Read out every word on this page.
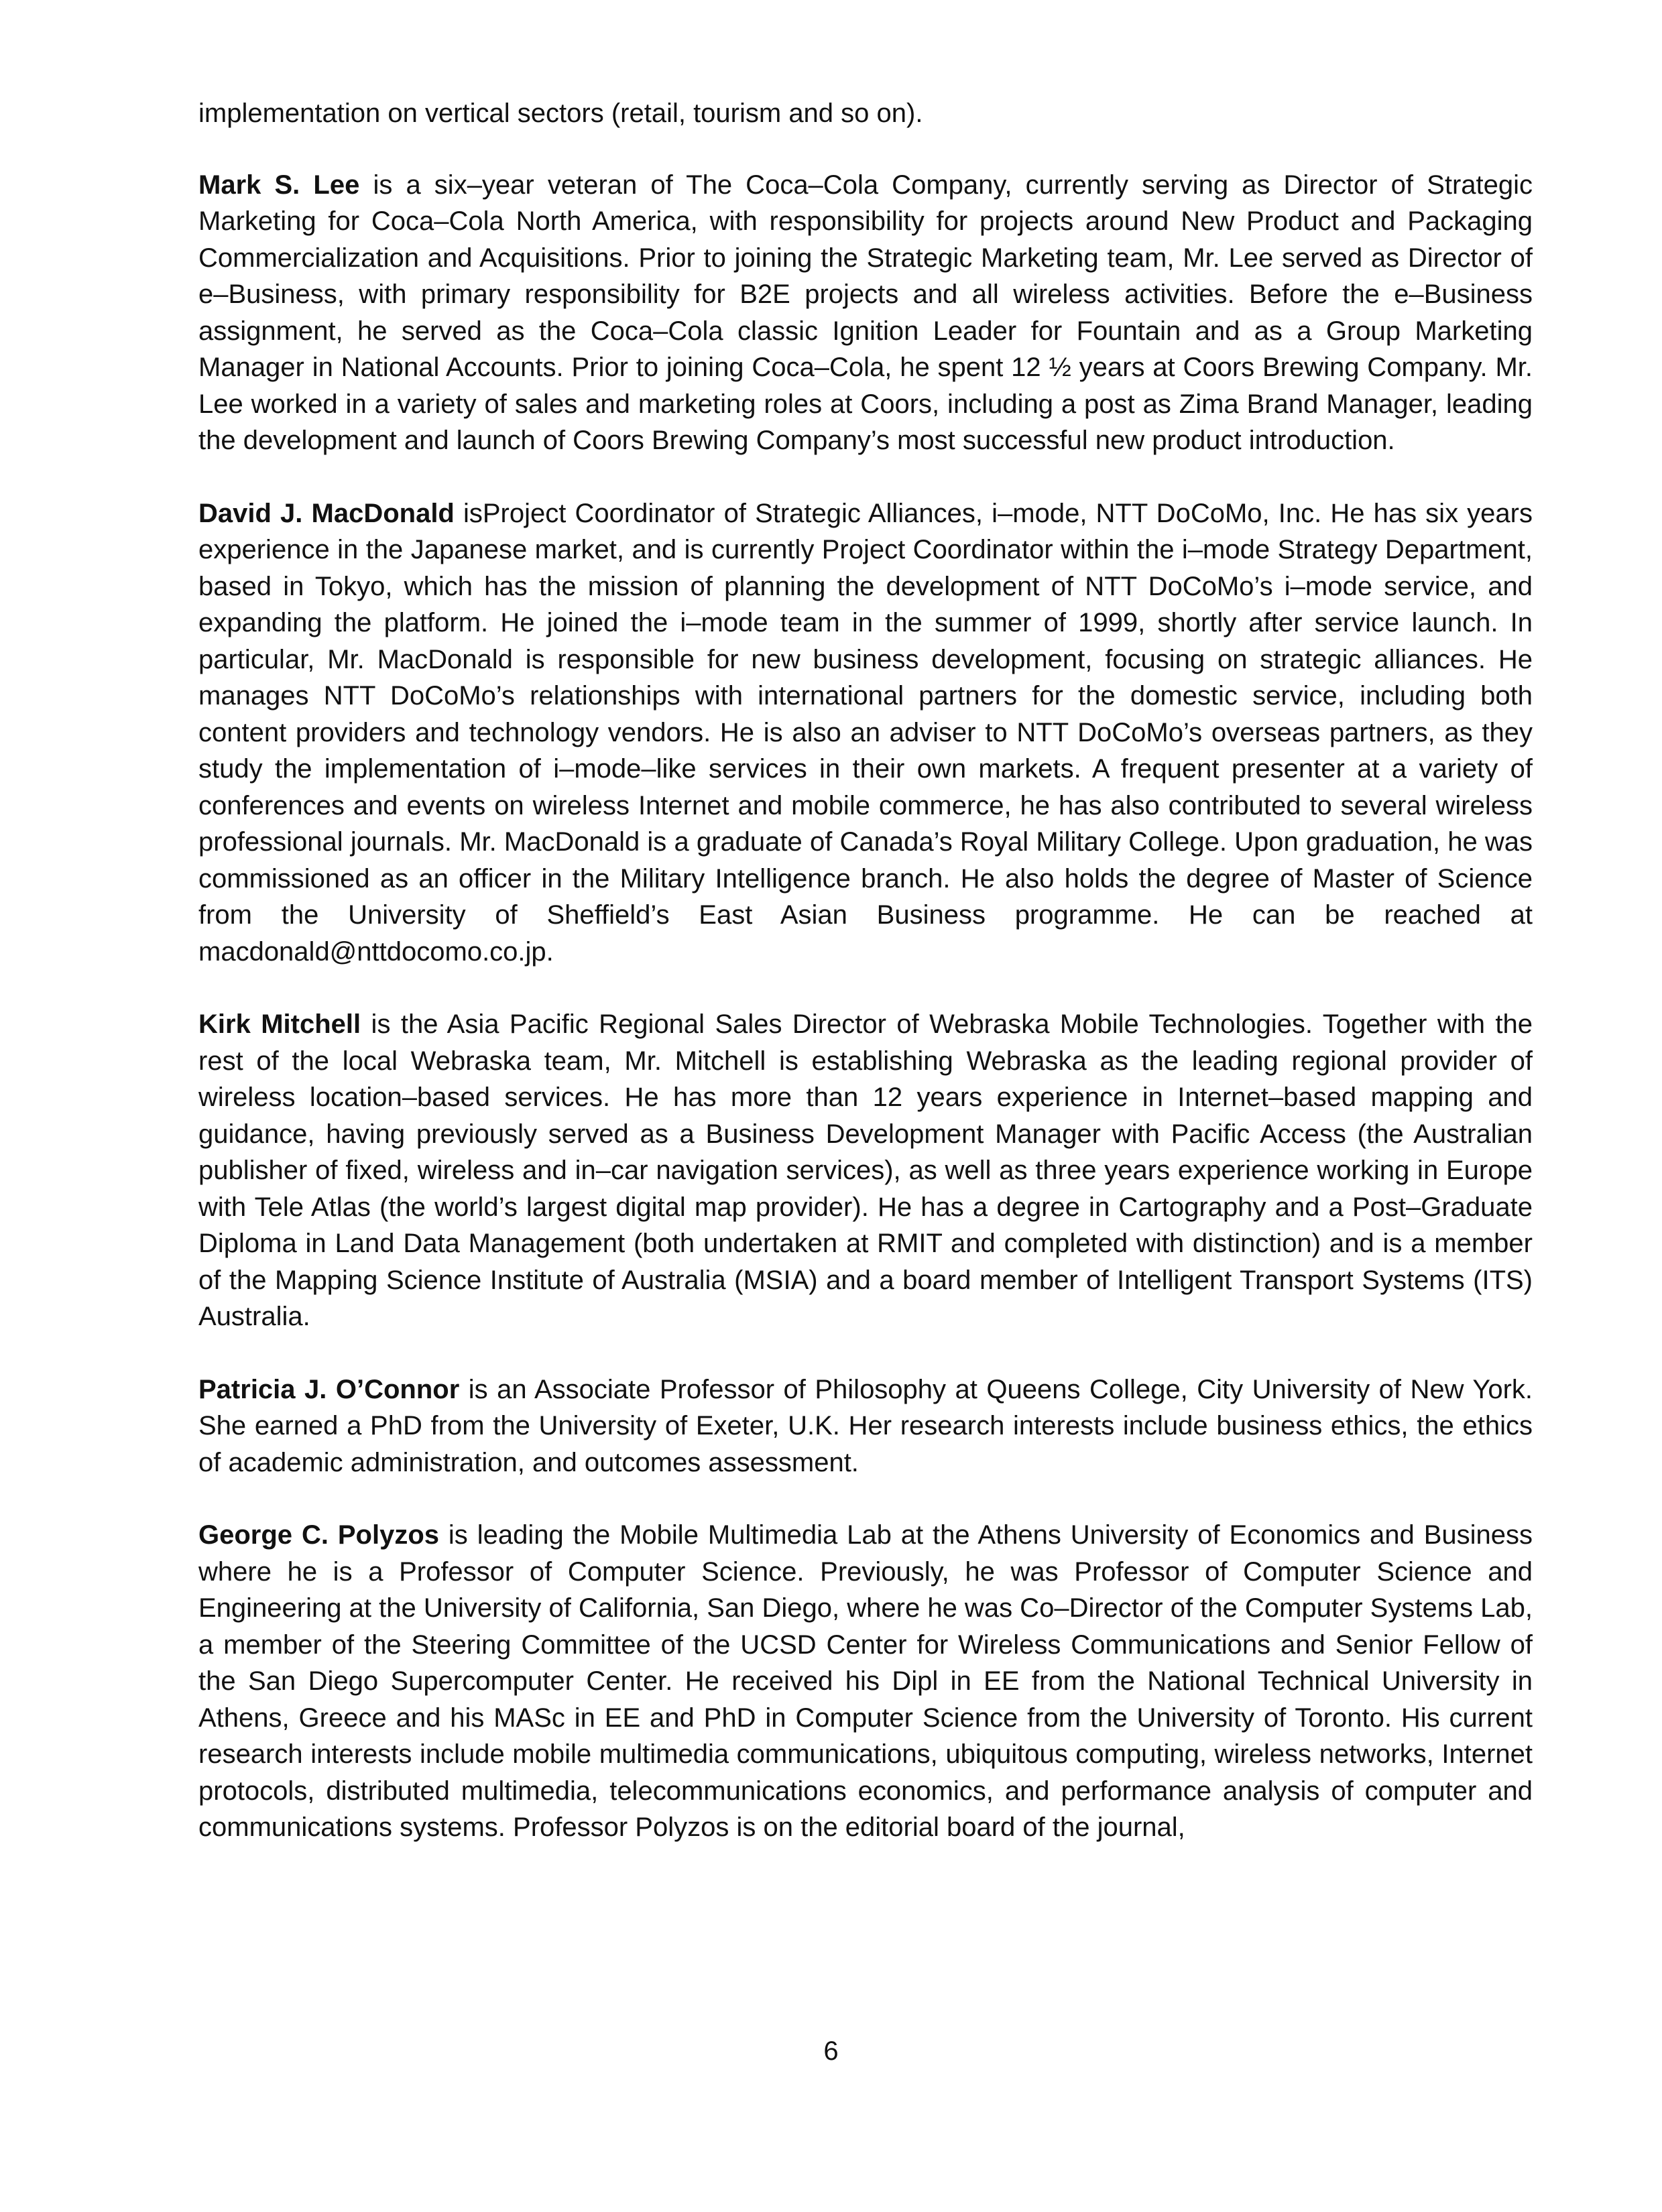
implementation on vertical sectors (retail, tourism and so on).

Mark S. Lee is a six–year veteran of The Coca–Cola Company, currently serving as Director of Strategic Marketing for Coca–Cola North America, with responsibility for projects around New Product and Packaging Commercialization and Acquisitions. Prior to joining the Strategic Marketing team, Mr. Lee served as Director of e–Business, with primary responsibility for B2E projects and all wireless activities. Before the e–Business assignment, he served as the Coca–Cola classic Ignition Leader for Fountain and as a Group Marketing Manager in National Accounts. Prior to joining Coca–Cola, he spent 12 ½ years at Coors Brewing Company. Mr. Lee worked in a variety of sales and marketing roles at Coors, including a post as Zima Brand Manager, leading the development and launch of Coors Brewing Company’s most successful new product introduction.

David J. MacDonald isProject Coordinator of Strategic Alliances, i–mode, NTT DoCoMo, Inc. He has six years experience in the Japanese market, and is currently Project Coordinator within the i–mode Strategy Department, based in Tokyo, which has the mission of planning the development of NTT DoCoMo’s i–mode service, and expanding the platform. He joined the i–mode team in the summer of 1999, shortly after service launch. In particular, Mr. MacDonald is responsible for new business development, focusing on strategic alliances. He manages NTT DoCoMo’s relationships with international partners for the domestic service, including both content providers and technology vendors. He is also an adviser to NTT DoCoMo’s overseas partners, as they study the implementation of i–mode–like services in their own markets. A frequent presenter at a variety of conferences and events on wireless Internet and mobile commerce, he has also contributed to several wireless professional journals. Mr. MacDonald is a graduate of Canada’s Royal Military College. Upon graduation, he was commissioned as an officer in the Military Intelligence branch. He also holds the degree of Master of Science from the University of Sheffield’s East Asian Business programme. He can be reached at macdonald@nttdocomo.co.jp.

Kirk Mitchell is the Asia Pacific Regional Sales Director of Webraska Mobile Technologies. Together with the rest of the local Webraska team, Mr. Mitchell is establishing Webraska as the leading regional provider of wireless location–based services. He has more than 12 years experience in Internet–based mapping and guidance, having previously served as a Business Development Manager with Pacific Access (the Australian publisher of fixed, wireless and in–car navigation services), as well as three years experience working in Europe with Tele Atlas (the world’s largest digital map provider). He has a degree in Cartography and a Post–Graduate Diploma in Land Data Management (both undertaken at RMIT and completed with distinction) and is a member of the Mapping Science Institute of Australia (MSIA) and a board member of Intelligent Transport Systems (ITS) Australia.

Patricia J. O’Connor is an Associate Professor of Philosophy at Queens College, City University of New York. She earned a PhD from the University of Exeter, U.K. Her research interests include business ethics, the ethics of academic administration, and outcomes assessment.

George C. Polyzos is leading the Mobile Multimedia Lab at the Athens University of Economics and Business where he is a Professor of Computer Science. Previously, he was Professor of Computer Science and Engineering at the University of California, San Diego, where he was Co–Director of the Computer Systems Lab, a member of the Steering Committee of the UCSD Center for Wireless Communications and Senior Fellow of the San Diego Supercomputer Center. He received his Dipl in EE from the National Technical University in Athens, Greece and his MASc in EE and PhD in Computer Science from the University of Toronto. His current research interests include mobile multimedia communications, ubiquitous computing, wireless networks, Internet protocols, distributed multimedia, telecommunications economics, and performance analysis of computer and communications systems. Professor Polyzos is on the editorial board of the journal,

6
